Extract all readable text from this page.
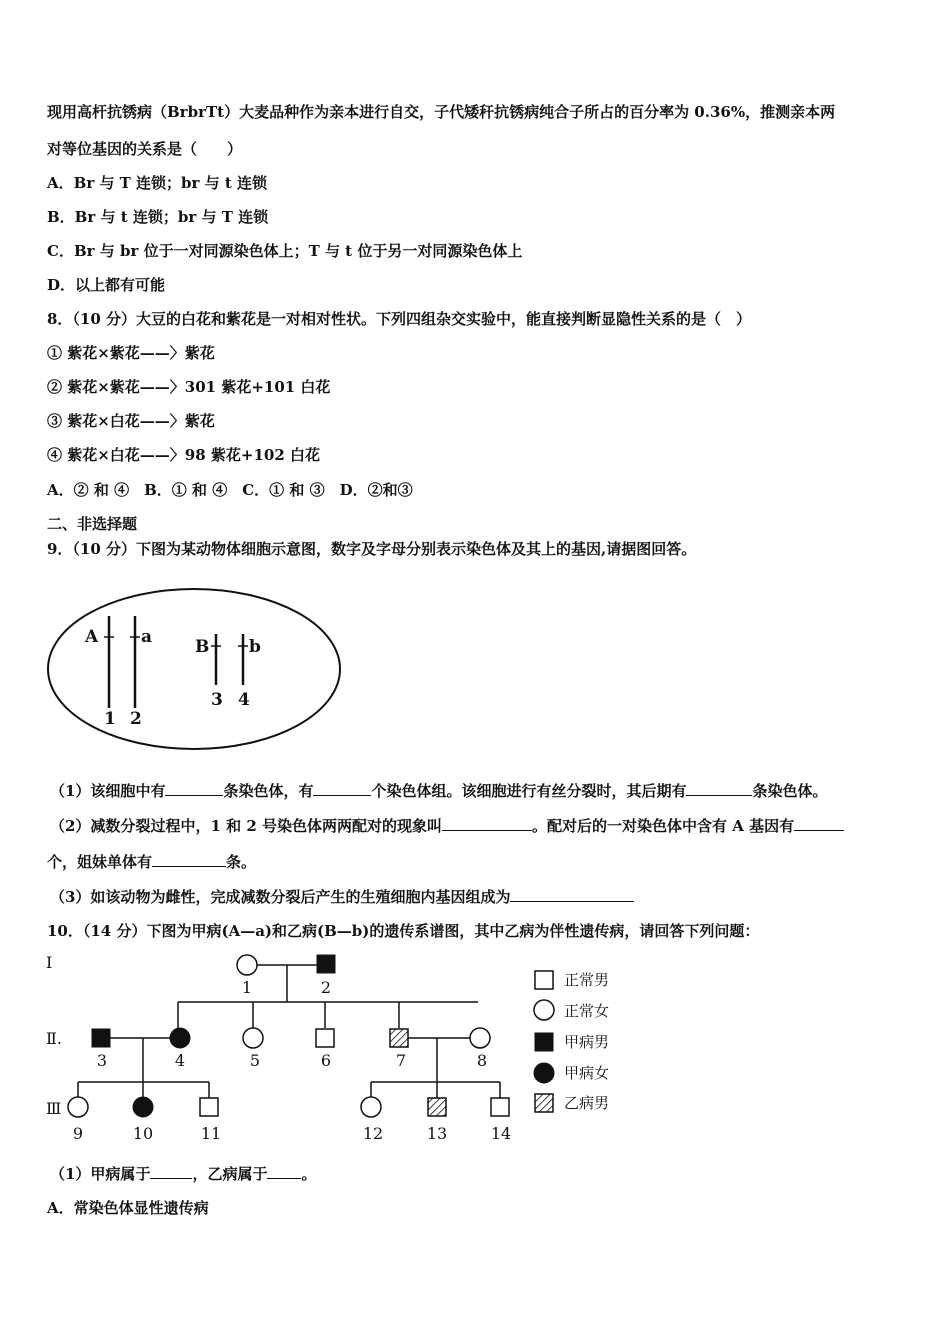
现用高杆抗锈病（BrbrTt）大麦品种作为亲本进行自交，子代矮秆抗锈病纯合子所占的百分率为 0.36%，推测亲本两
对等位基因的关系是（　　）
A．Br 与 T 连锁；br 与 t 连锁
B．Br 与 t 连锁；br 与 T 连锁
C．Br 与 br 位于一对同源染色体上；T 与 t 位于另一对同源染色体上
D．以上都有可能
8．（10 分）大豆的白花和紫花是一对相对性状。下列四组杂交实验中，能直接判断显隐性关系的是（　）
① 紫花×紫花——〉紫花
② 紫花×紫花——〉301 紫花+101 白花
③ 紫花×白花——〉紫花
④ 紫花×白花——〉98 紫花+102 白花
A．② 和 ④　B．① 和 ④　C．① 和 ③　D．②和③
二、非选择题
9．（10 分）下图为某动物体细胞示意图，数字及字母分别表示染色体及其上的基因,请据图回答。
A	a	B b
1 2
3 4
（1）该细胞中有	条染色体，有	个染色体组。该细胞进行有丝分裂时，其后期有	条染色体。
（2）减数分裂过程中，1 和 2 号染色体两两配对的现象叫	。配对后的一对染色体中含有 A 基因有
个，姐妹单体有	条。
（3）如该动物为雌性，完成减数分裂后产生的生殖细胞内基因组成为
10．（14 分）下图为甲病(A—a)和乙病(B—b)的遗传系谱图，其中乙病为伴性遗传病，请回答下列问题：
I
Ⅱ.
Ⅲ
1	2
3	4	5	6	7	8
9	10	11	12	13	14
正常男
正常女
甲病男
甲病女
乙病男
（1）甲病属于	，乙病属于 。
A．常染色体显性遗传病
